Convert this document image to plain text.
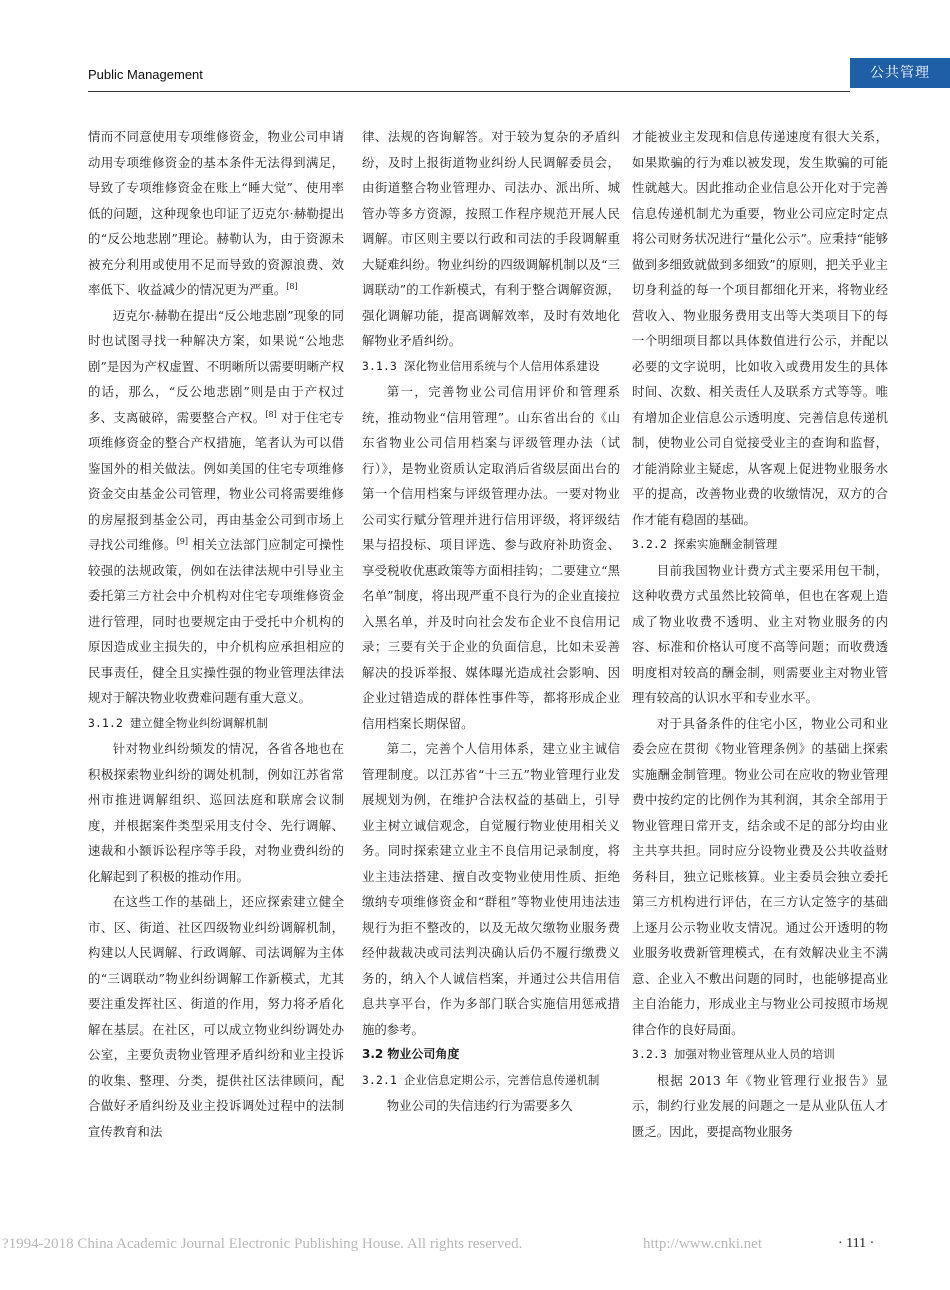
Public Management	公共管理

情而不同意使用专项维修资金，物业公司申请动用专项维修资金的基本条件无法得到满足，导致了专项维修资金在账上“睡大觉”、使用率低的问题，这种现象也印证了迈克尔·赫勒提出的“反公地悲剧”理论。赫勒认为，由于资源未被充分利用或使用不足而导致的资源浪费、效率低下、收益减少的情况更为严重。[8]

迈克尔·赫勒在提出“反公地悲剧”现象的同时也试图寻找一种解决方案，如果说“公地悲剧”是因为产权虚置、不明晰所以需要明晰产权的话，那么，“反公地悲剧”则是由于产权过多、支离破碎，需要整合产权。[8] 对于住宅专项维修资金的整合产权措施，笔者认为可以借鉴国外的相关做法。例如美国的住宅专项维修资金交由基金公司管理，物业公司将需要维修的房屋报到基金公司，再由基金公司到市场上寻找公司维修。[9] 相关立法部门应制定可操性较强的法规政策，例如在法律法规中引导业主委托第三方社会中介机构对住宅专项维修资金进行管理，同时也要规定由于受托中介机构的原因造成业主损失的，中介机构应承担相应的民事责任，健全且实操性强的物业管理法律法规对于解决物业收费难问题有重大意义。

3.1.2 建立健全物业纠纷调解机制

针对物业纠纷频发的情况，各省各地也在积极探索物业纠纷的调处机制，例如江苏省常州市推进调解组织、巡回法庭和联席会议制度，并根据案件类型采用支付令、先行调解、速裁和小额诉讼程序等手段，对物业费纠纷的化解起到了积极的推动作用。

在这些工作的基础上，还应探索建立健全市、区、街道、社区四级物业纠纷调解机制，构建以人民调解、行政调解、司法调解为主体的“三调联动”物业纠纷调解工作新模式，尤其要注重发挥社区、街道的作用，努力将矛盾化解在基层。在社区，可以成立物业纠纷调处办公室，主要负责物业管理矛盾纠纷和业主投诉的收集、整理、分类，提供社区法律顾问，配合做好矛盾纠纷及业主投诉调处过程中的法制宣传教育和法

律、法规的咨询解答。对于较为复杂的矛盾纠纷，及时上报街道物业纠纷人民调解委员会，由街道整合物业管理办、司法办、派出所、城管办等多方资源，按照工作程序规范开展人民调解。市区则主要以行政和司法的手段调解重大疑难纠纷。物业纠纷的四级调解机制以及“三调联动”的工作新模式，有利于整合调解资源，强化调解功能，提高调解效率，及时有效地化解物业矛盾纠纷。

3.1.3 深化物业信用系统与个人信用体系建设

第一，完善物业公司信用评价和管理系统，推动物业“信用管理”。山东省出台的《山东省物业公司信用档案与评级管理办法（试行）》，是物业资质认定取消后省级层面出台的第一个信用档案与评级管理办法。一要对物业公司实行赋分管理并进行信用评级，将评级结果与招投标、项目评选、参与政府补助资金、享受税收优惠政策等方面相挂钩；二要建立“黑名单”制度，将出现严重不良行为的企业直接拉入黑名单，并及时向社会发布企业不良信用记录；三要有关于企业的负面信息，比如未妥善解决的投诉举报、媒体曝光造成社会影响、因企业过错造成的群体性事件等，都将形成企业信用档案长期保留。

第二，完善个人信用体系，建立业主诚信管理制度。以江苏省“十三五”物业管理行业发展规划为例，在维护合法权益的基础上，引导业主树立诚信观念，自觉履行物业使用相关义务。同时探索建立业主不良信用记录制度，将业主违法搭建、擅自改变物业使用性质、拒绝缴纳专项维修资金和“群租”等物业使用违法违规行为拒不整改的，以及无故欠缴物业服务费经仲裁裁决或司法判决确认后仍不履行缴费义务的，纳入个人诚信档案，并通过公共信用信息共享平台，作为多部门联合实施信用惩戒措施的参考。

3.2 物业公司角度

3.2.1 企业信息定期公示，完善信息传递机制

物业公司的失信违约行为需要多久

才能被业主发现和信息传递速度有很大关系，如果欺骗的行为难以被发现，发生欺骗的可能性就越大。因此推动企业信息公开化对于完善信息传递机制尤为重要，物业公司应定时定点将公司财务状况进行“量化公示”。应秉持“能够做到多细致就做到多细致”的原则，把关乎业主切身利益的每一个项目都细化开来，将物业经营收入、物业服务费用支出等大类项目下的每一个明细项目都以具体数值进行公示，并配以必要的文字说明，比如收入或费用发生的具体时间、次数、相关责任人及联系方式等等。唯有增加企业信息公示透明度、完善信息传递机制，使物业公司自觉接受业主的查询和监督，才能消除业主疑虑，从客观上促进物业服务水平的提高，改善物业费的收缴情况，双方的合作才能有稳固的基础。

3.2.2 探索实施酬金制管理

目前我国物业计费方式主要采用包干制，这种收费方式虽然比较简单，但也在客观上造成了物业收费不透明、业主对物业服务的内容、标准和价格认可度不高等问题；而收费透明度相对较高的酬金制，则需要业主对物业管理有较高的认识水平和专业水平。

对于具备条件的住宅小区，物业公司和业委会应在贯彻《物业管理条例》的基础上探索实施酬金制管理。物业公司在应收的物业管理费中按约定的比例作为其利润，其余全部用于物业管理日常开支，结余或不足的部分均由业主共享共担。同时应分设物业费及公共收益财务科目，独立记账核算。业主委员会独立委托第三方机构进行评估，在三方认定签字的基础上逐月公示物业收支情况。通过公开透明的物业服务收费新管理模式，在有效解决业主不满意、企业入不敷出问题的同时，也能够提高业主自治能力，形成业主与物业公司按照市场规律合作的良好局面。

3.2.3 加强对物业管理从业人员的培训

根据 2013 年《物业管理行业报告》显示，制约行业发展的问题之一是从业队伍人才匮乏。因此，要提高物业服务

?1994-2018 China Academic Journal Electronic Publishing House. All rights reserved.	http://www.cnki.net	· 111 ·
